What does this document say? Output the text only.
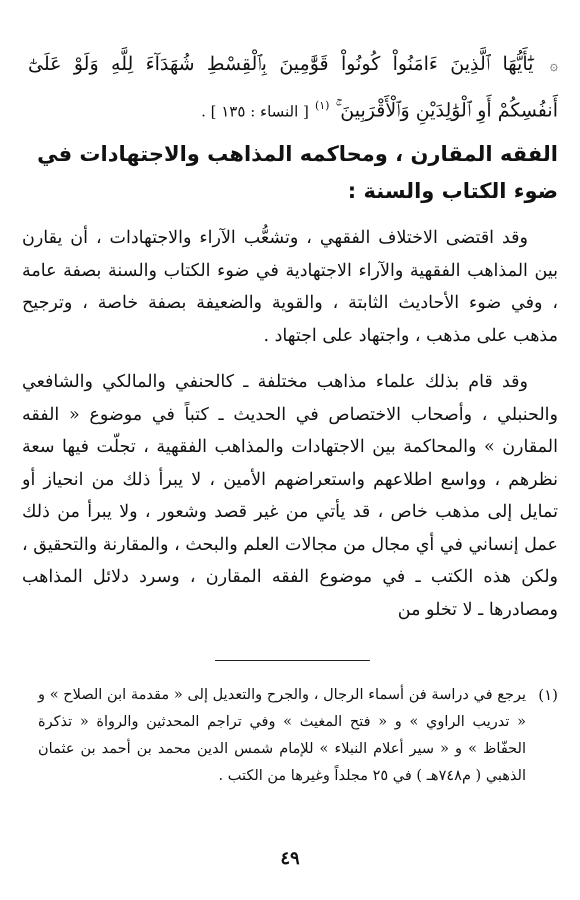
۞ يَٰٓأَيُّهَا ٱلَّذِينَ ءَامَنُواْ كُونُواْ قَوَّٰمِينَ بِٱلْقِسْطِ شُهَدَآءَ لِلَّهِ وَلَوْ عَلَىٰٓ أَنفُسِكُمْ أَوِ ٱلْوَٰلِدَيْنِ وَٱلْأَقْرَبِينَ ۚ $^{(١)}$ [ النساء : ١٣٥ ] .
الفقه المقارن ، ومحاكمه المذاهب والاجتهادات في ضوء الكتاب والسنة :

وقد اقتضى الاختلاف الفقهي ، وتشعُّب الآراء والاجتهادات ، أن يقارن بين المذاهب الفقهية والآراء الاجتهادية في ضوء الكتاب والسنة بصفة عامة ، وفي ضوء الأحاديث الثابتة ، والقوية والضعيفة بصفة خاصة ، وترجيح مذهب على مذهب ، واجتهاد على اجتهاد .

وقد قام بذلك علماء مذاهب مختلفة ـ كالحنفي والمالكي والشافعي والحنبلي ، وأصحاب الاختصاص في الحديث ـ كتباً في موضوع « الفقه المقارن » والمحاكمة بين الاجتهادات والمذاهب الفقهية ، تجلّت فيها سعة نظرهم ، وواسع اطلاعهم واستعراضهم الأمين ، لا يبرأ ذلك من انحياز أو تمايل إلى مذهب خاص ، قد يأتي من غير قصد وشعور ، ولا يبرأ من ذلك عمل إنساني في أي مجال من مجالات العلم والبحث ، والمقارنة والتحقيق ، ولكن هذه الكتب ـ في موضوع الفقه المقارن ، وسرد دلائل المذاهب ومصادرها ـ لا تخلو من

(١)
يرجع في دراسة فن أسماء الرجال ، والجرح والتعديل إلى « مقدمة ابن الصلاح » و « تدريب الراوي » و « فتح المغيث » وفي تراجم المحدثين والرواة « تذكرة الحفّاظ » و « سير أعلام النبلاء » للإمام شمس الدين محمد بن أحمد بن عثمان الذهبي ( م٧٤٨هـ ) في ٢٥ مجلداً وغيرها من الكتب .
٤٩
